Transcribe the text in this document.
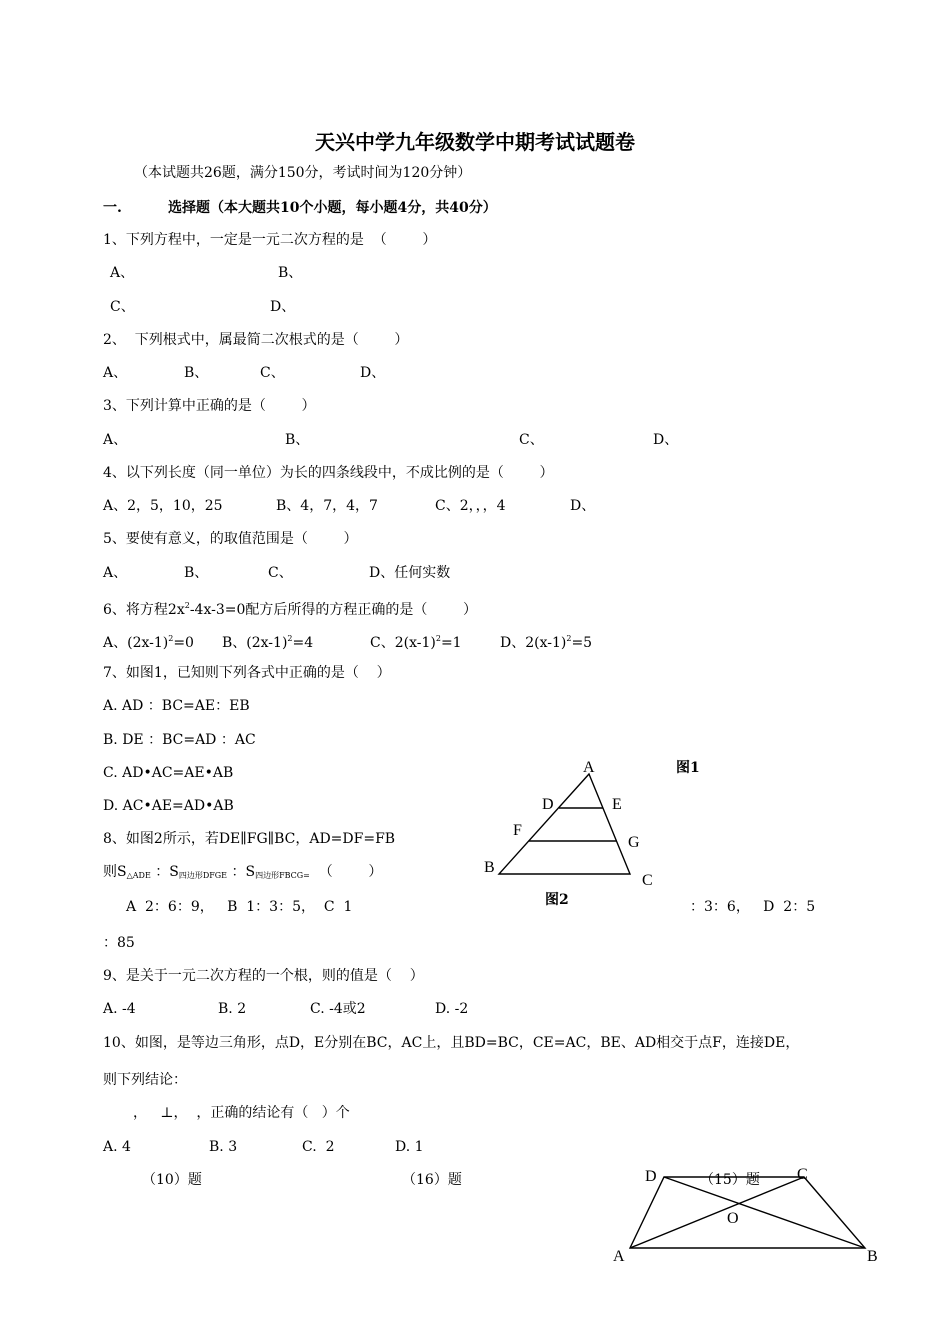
天兴中学九年级数学中期考试试题卷
（本试题共26题，满分150分，考试时间为120分钟）
一.	选择题（本大题共10个小题，每小题4分，共40分）
1、下列方程中，一定是一元二次方程的是  （        ）
A、	B、
C、	D、
2、  下列根式中，属最简二次根式的是（        ）
A、	B、	C、	D、
3、下列计算中正确的是（        ）
A、	B、	C、	D、
4、以下列长度（同一单位）为长的四条线段中，不成比例的是（        ）
A、2，5，10，25	B、4，7，4，7	C、2，，，4	D、
5、要使有意义，的取值范围是（        ）
A、	B、	C、	D、任何实数
6、将方程$2x^2-4x-3=0$配方后所得的方程正确的是（        ）
A、$(2x-1)^2=0$ B、$(2x-1)^2=4$	C、$2(x-1)^2=1$	D、$2(x-1)^2=5$
7、如图1，已知则下列各式中正确的是（    ）
A. AD ：BC=AE：EB
B. DE ：BC=AD ：AC
C. AD•AC=AE•AB
D. AC•AE=AD•AB
8、如图2所示，若DE∥FG∥BC，AD=DF=FB
则$S_{\triangle ADE}$ ：$S_{四边形DFGE}$ ：$S_{四边形FBCG=}$  （        ）
A  2：6：9，   B  1：3：5，  C  1	：3：6，   D  2：5
：85
A
D	E
F
G
B
C
图1
图2
9、是关于一元二次方程的一个根，则的值是（    ）
A. -4	B. 2	C. -4或2	D. -2
10、如图，是等边三角形，点D，E分别在BC，AC上，且BD=BC，CE=AC，BE、AD相交于点F，连接DE，
则下列结论：
，   ⊥，  ，正确的结论有（   ）个
A. 4	B. 3	C.  2	D. 1
（10）题	（16）题	D	C
O
A	B
（15）题
